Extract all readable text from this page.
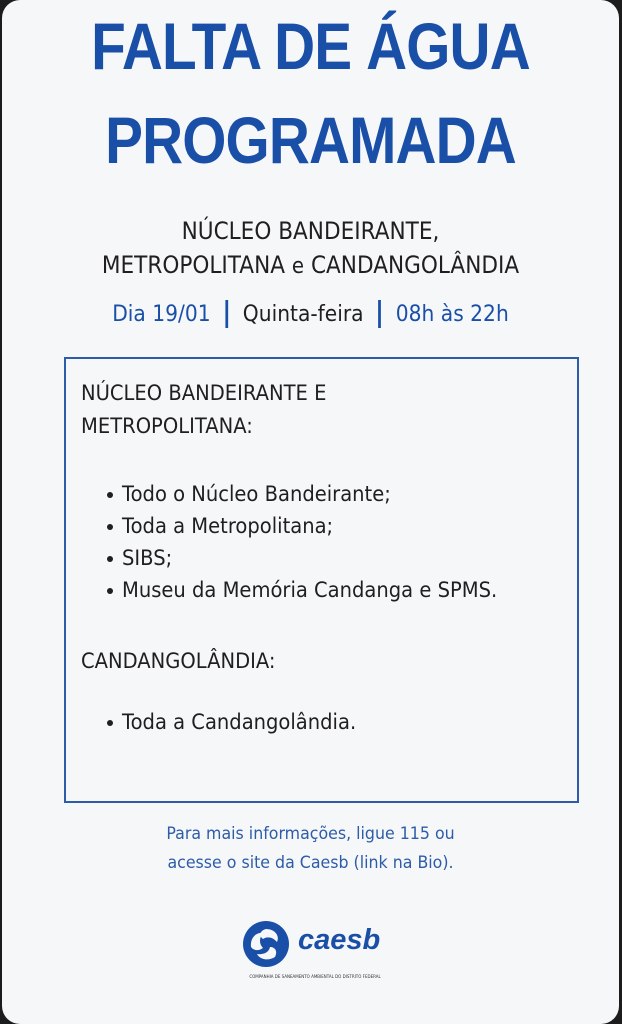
FALTA DE ÁGUA
PROGRAMADA
NÚCLEO BANDEIRANTE,
METROPOLITANA e CANDANGOLÂNDIA
Dia 19/01 Quinta-feira 08h às 22h
NÚCLEO BANDEIRANTE E
METROPOLITANA:
Todo o Núcleo Bandeirante;
Toda a Metropolitana;
SIBS;
Museu da Memória Candanga e SPMS.
CANDANGOLÂNDIA:
Toda a Candangolândia.
Para mais informações, ligue 115 ou
acesse o site da Caesb (link na Bio).
caesb
COMPANHIA DE SANEAMENTO AMBIENTAL DO DISTRITO FEDERAL
